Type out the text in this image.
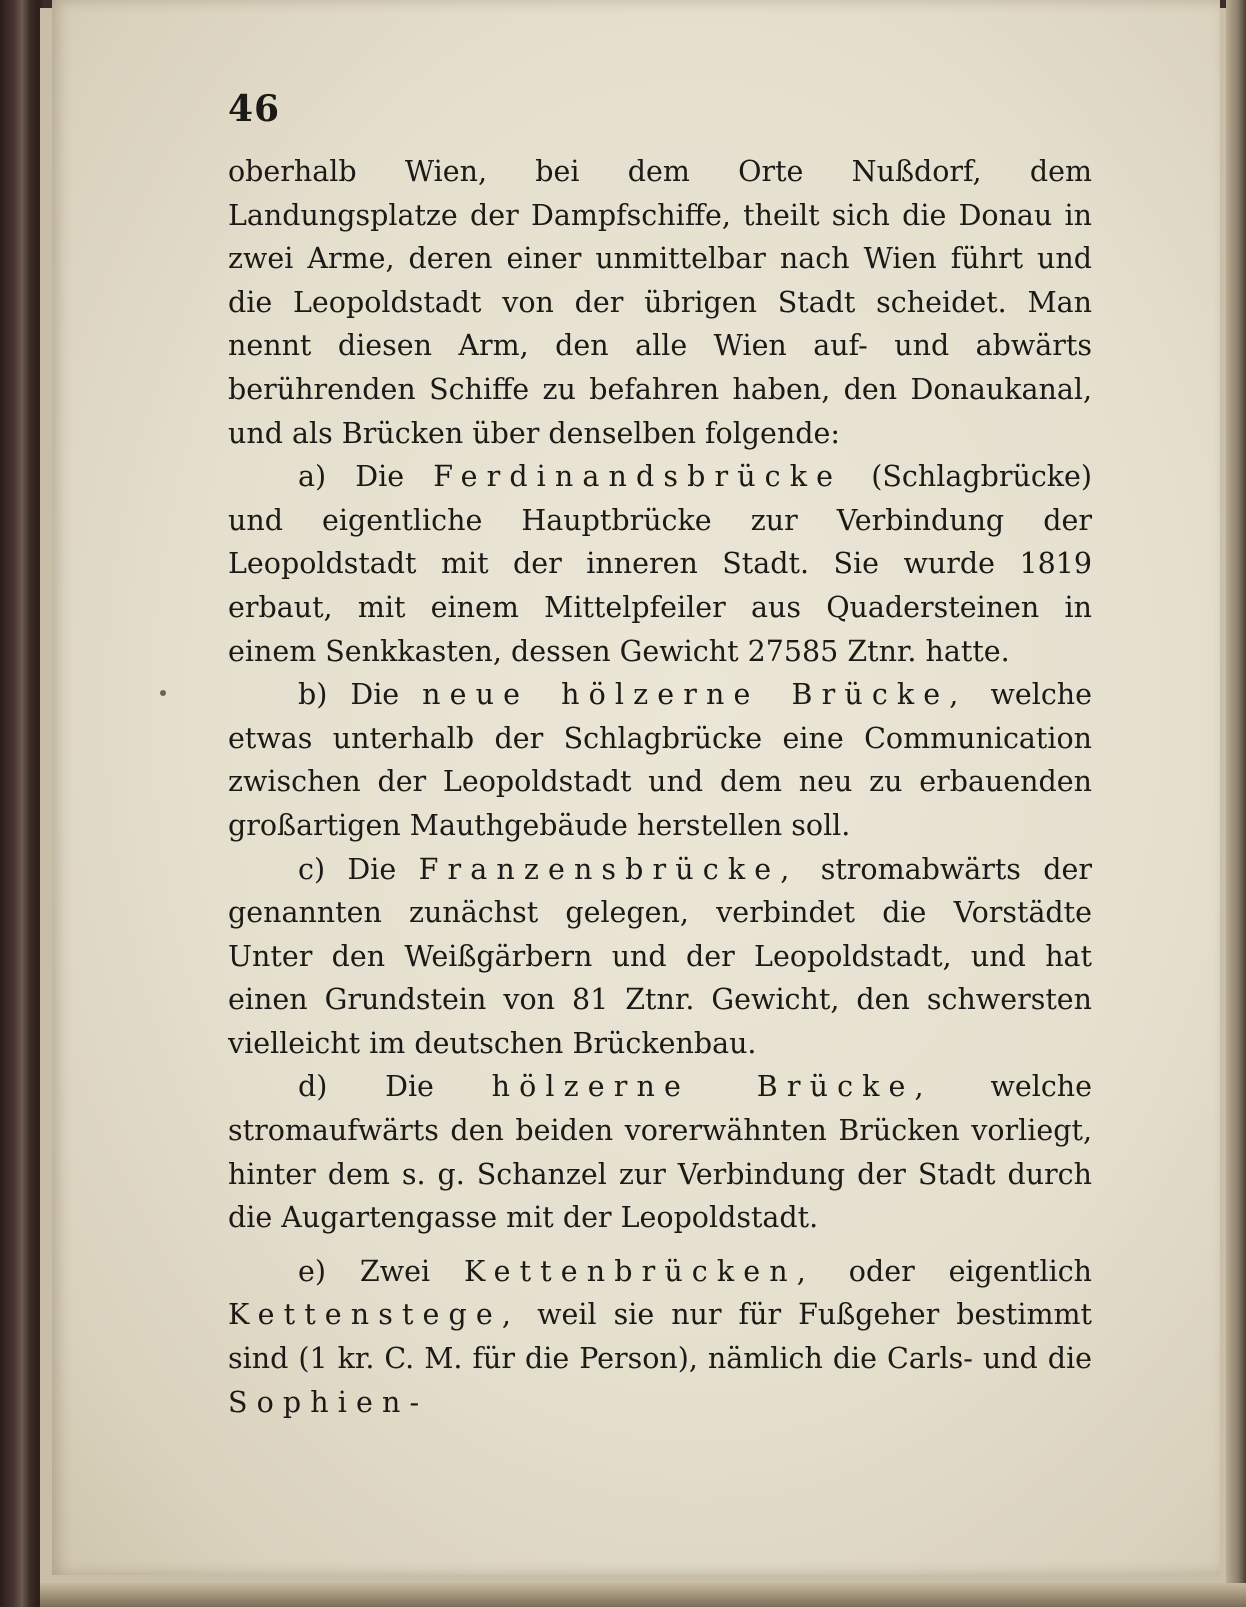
46

oberhalb Wien, bei dem Orte Nußdorf, dem Landungsplatze der Dampfschiffe, theilt sich die Donau in zwei Arme, deren einer unmittelbar nach Wien führt und die Leopoldstadt von der übrigen Stadt scheidet. Man nennt diesen Arm, den alle Wien auf- und abwärts berührenden Schiffe zu befahren haben, den Donaukanal, und als Brücken über denselben folgende:

a) Die Ferdinandsbrücke (Schlagbrücke) und eigentliche Hauptbrücke zur Verbindung der Leopoldstadt mit der inneren Stadt. Sie wurde 1819 erbaut, mit einem Mittelpfeiler aus Quadersteinen in einem Senkkasten, dessen Gewicht 27585 Ztnr. hatte.

b) Die neue hölzerne Brücke, welche etwas unterhalb der Schlagbrücke eine Communication zwischen der Leopoldstadt und dem neu zu erbauenden großartigen Mauthgebäude herstellen soll.

c) Die Franzensbrücke, stromabwärts der genannten zunächst gelegen, verbindet die Vorstädte Unter den Weißgärbern und der Leopoldstadt, und hat einen Grundstein von 81 Ztnr. Gewicht, den schwersten vielleicht im deutschen Brückenbau.

d) Die hölzerne Brücke, welche stromaufwärts den beiden vorerwähnten Brücken vorliegt, hinter dem s. g. Schanzel zur Verbindung der Stadt durch die Augartengasse mit der Leopoldstadt.

e) Zwei Kettenbrücken, oder eigentlich Kettenstege, weil sie nur für Fußgeher bestimmt sind (1 kr. C. M. für die Person), nämlich die Carls- und die Sophien-
